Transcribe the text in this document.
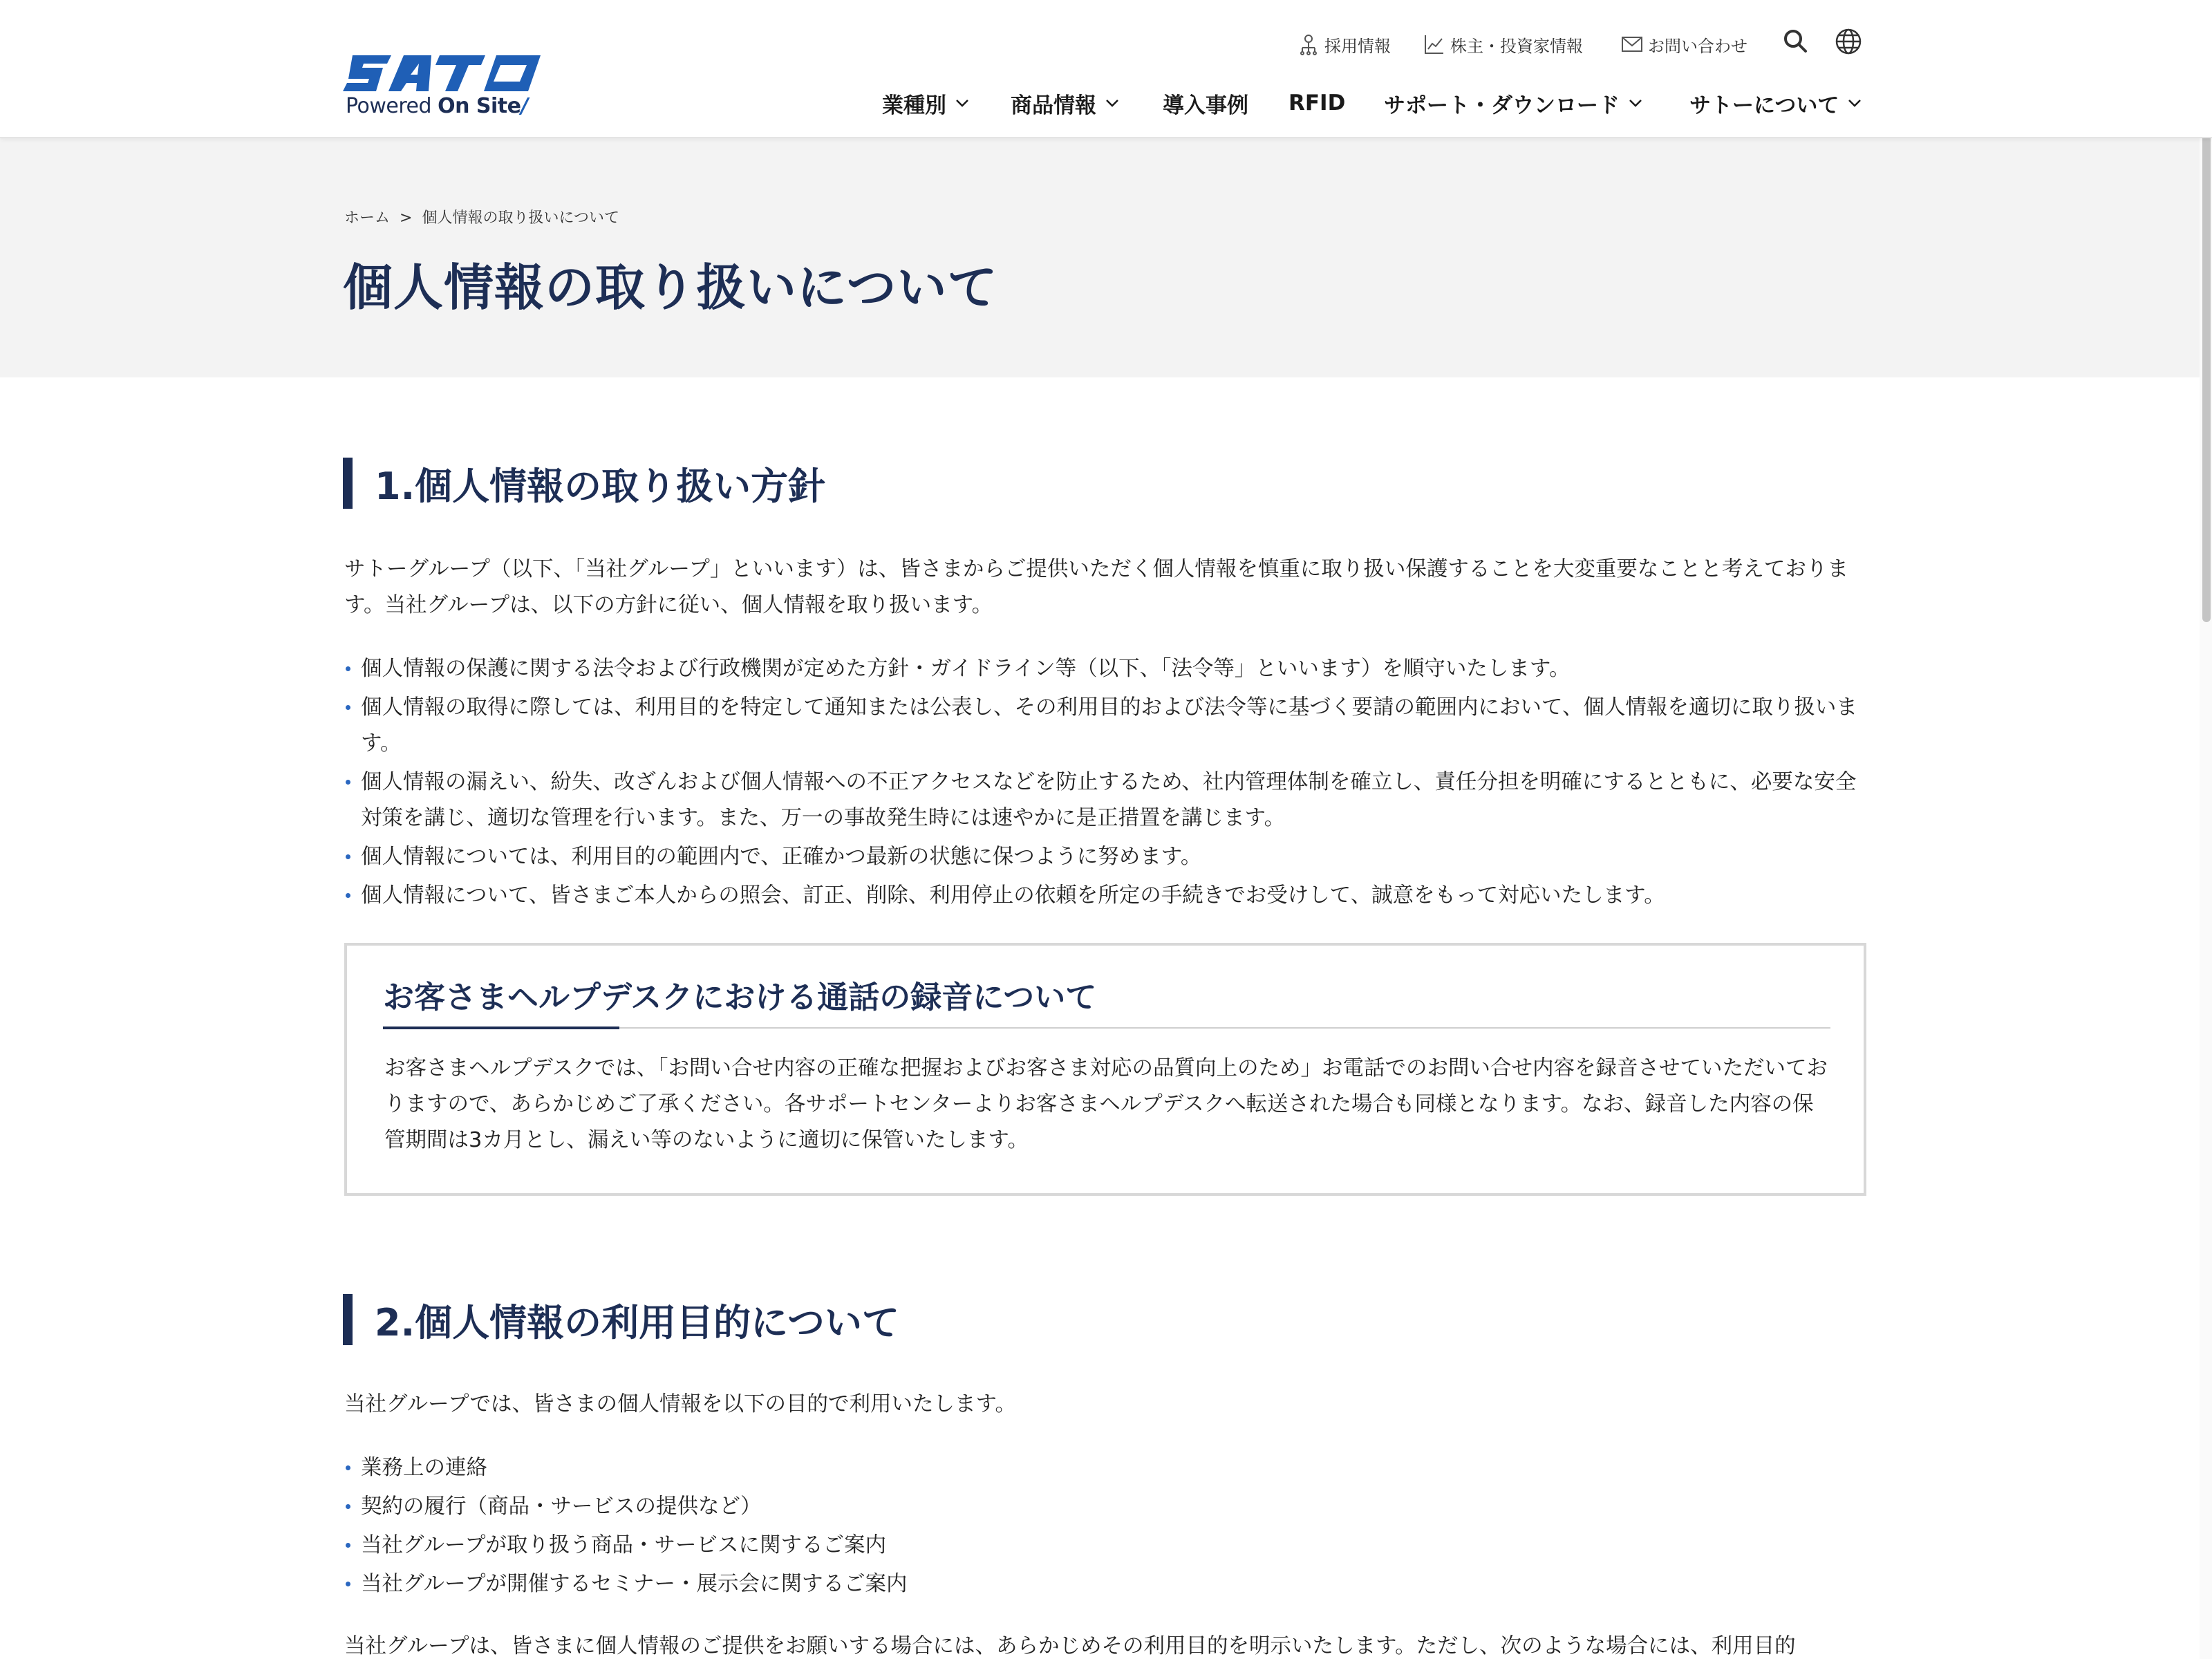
Powered On Site/
採用情報	株主・投資家情報	お問い合わせ
業種別	商品情報	導入事例 RFID サポート・ダウンロード	サトーについて
ホーム > 個人情報の取り扱いについて
個人情報の取り扱いについて
1.個人情報の取り扱い方針

サトーグループ（以下、「当社グループ」といいます）は、皆さまからご提供いただく個人情報を慎重に取り扱い保護することを大変重要なことと考えております。当社グループは、以下の方針に従い、個人情報を取り扱います。

個人情報の保護に関する法令および行政機関が定めた方針・ガイドライン等（以下、「法令等」といいます）を順守いたします。
個人情報の取得に際しては、利用目的を特定して通知または公表し、その利用目的および法令等に基づく要請の範囲内において、個人情報を適切に取り扱います。
個人情報の漏えい、紛失、改ざんおよび個人情報への不正アクセスなどを防止するため、社内管理体制を確立し、責任分担を明確にするとともに、必要な安全対策を講じ、適切な管理を行います。また、万一の事故発生時には速やかに是正措置を講じます。
個人情報については、利用目的の範囲内で、正確かつ最新の状態に保つように努めます。
個人情報について、皆さまご本人からの照会、訂正、削除、利用停止の依頼を所定の手続きでお受けして、誠意をもって対応いたします。
お客さまヘルプデスクにおける通話の録音について

お客さまヘルプデスクでは、「お問い合せ内容の正確な把握およびお客さま対応の品質向上のため」お電話でのお問い合せ内容を録音させていただいておりますので、あらかじめご了承ください。各サポートセンターよりお客さまヘルプデスクへ転送された場合も同様となります。なお、録音した内容の保管期間は3カ月とし、漏えい等のないように適切に保管いたします。

2.個人情報の利用目的について

当社グループでは、皆さまの個人情報を以下の目的で利用いたします。

業務上の連絡
契約の履行（商品・サービスの提供など）
当社グループが取り扱う商品・サービスに関するご案内
当社グループが開催するセミナー・展示会に関するご案内

当社グループは、皆さまに個人情報のご提供をお願いする場合には、あらかじめその利用目的を明示いたします。ただし、次のような場合には、利用目的
